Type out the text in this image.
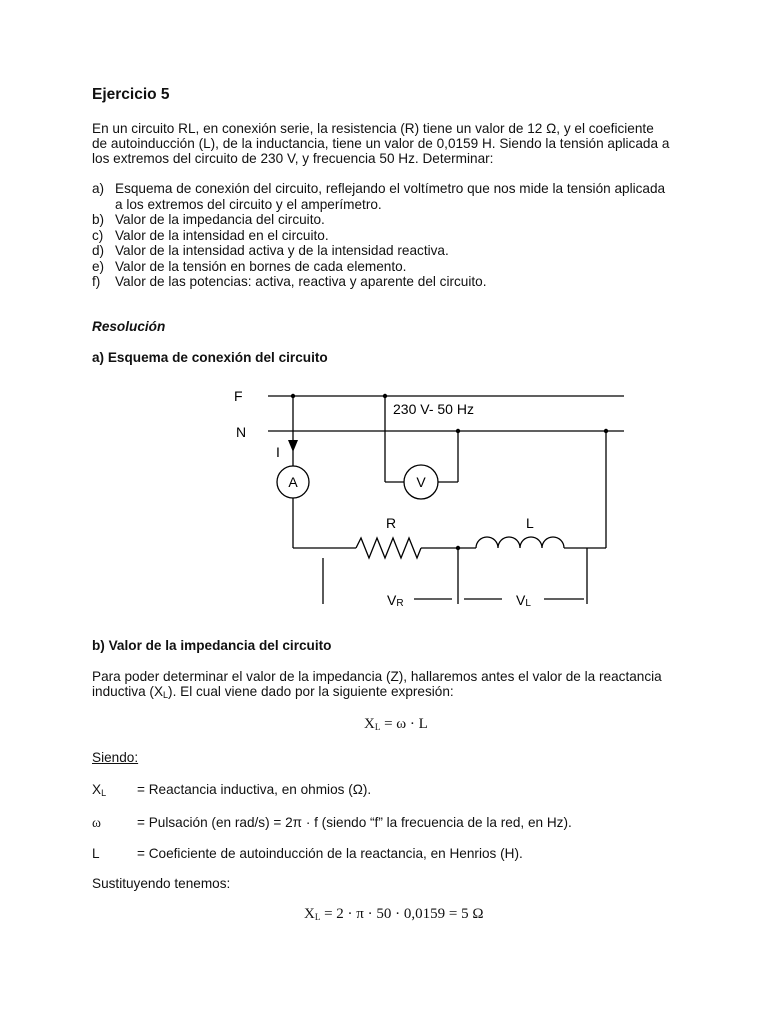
Ejercicio 5
En un circuito RL, en conexión serie, la resistencia (R) tiene un valor de 12 Ω, y el coeficiente
de autoinducción (L), de la inductancia, tiene un valor de 0,0159 H. Siendo la tensión aplicada a
los extremos del circuito de 230 V, y frecuencia 50 Hz. Determinar:
a) Esquema de conexión del circuito, reflejando el voltímetro que nos mide la tensión aplicada
a los extremos del circuito y el amperímetro.
b) Valor de la impedancia del circuito.
c) Valor de la intensidad en el circuito.
d) Valor de la intensidad activa y de la intensidad reactiva.
e) Valor de la tensión en bornes de cada elemento.
f) Valor de las potencias: activa, reactiva y aparente del circuito.
Resolución
a) Esquema de conexión del circuito
F
N
230 V- 50 Hz
I
A	V
R	L
VR	VL
b) Valor de la impedancia del circuito
Para poder determinar el valor de la impedancia (Z), hallaremos antes el valor de la reactancia
inductiva $(X_L)$. El cual viene dado por la siguiente expresión:
$X_L = \omega \cdot L$
Siendo:
$X_L$ = Reactancia inductiva, en ohmios (Ω).
ω	= Pulsación (en rad/s) = 2π · f (siendo “f” la frecuencia de la red, en Hz).
L	= Coeficiente de autoinducción de la reactancia, en Henrios (H).
Sustituyendo tenemos:
$X_L = 2 \cdot \pi \cdot 50 \cdot 0,0159 = 5$ Ω
